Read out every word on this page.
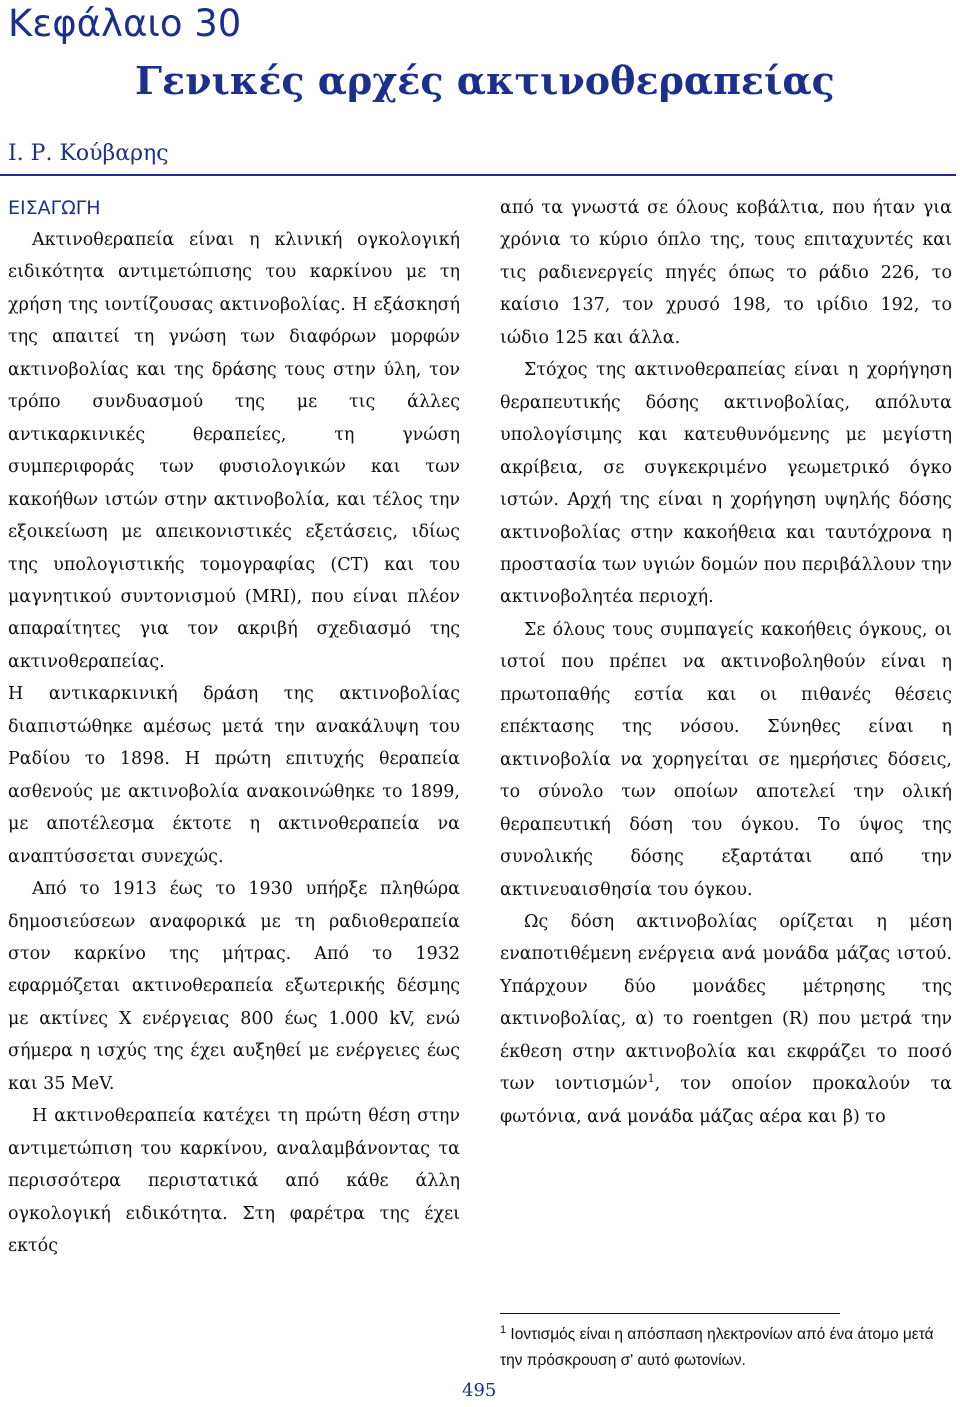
Κεφάλαιο 30
Γενικές αρχές ακτινοθεραπείας
Ι. Ρ. Κούβαρης
ΕΙΣΑΓΩΓΗ

Ακτινοθεραπεία είναι η κλινική ογκολογική ειδικότητα αντιμετώπισης του καρκίνου με τη χρήση της ιοντίζουσας ακτινοβολίας. Η εξάσκησή της απαιτεί τη γνώση των διαφόρων μορφών ακτινοβολίας και της δράσης τους στην ύλη, τον τρόπο συνδυασμού της με τις άλλες αντικαρκινικές θεραπείες, τη γνώση συμπεριφοράς των φυσιολογικών και των κακοήθων ιστών στην ακτινοβολία, και τέλος την εξοικείωση με απεικονιστικές εξετάσεις, ιδίως της υπολογιστικής τομογραφίας (CT) και του μαγνητικού συντονισμού (MRI), που είναι πλέον απαραίτητες για τον ακριβή σχεδιασμό της ακτινοθεραπείας.

Η αντικαρκινική δράση της ακτινοβολίας διαπιστώθηκε αμέσως μετά την ανακάλυψη του Ραδίου το 1898. Η πρώτη επιτυχής θεραπεία ασθενούς με ακτινοβολία ανακοινώθηκε το 1899, με αποτέλεσμα έκτοτε η ακτινοθεραπεία να αναπτύσσεται συνεχώς.

Από το 1913 έως το 1930 υπήρξε πληθώρα δημοσιεύσεων αναφορικά με τη ραδιοθεραπεία στον καρκίνο της μήτρας. Από το 1932 εφαρμόζεται ακτινοθεραπεία εξωτερικής δέσμης με ακτίνες X ενέργειας 800 έως 1.000 kV, ενώ σήμερα η ισχύς της έχει αυξηθεί με ενέργειες έως και 35 MeV.

Η ακτινοθεραπεία κατέχει τη πρώτη θέση στην αντιμετώπιση του καρκίνου, αναλαμβάνοντας τα περισσότερα περιστατικά από κάθε άλλη ογκολογική ειδικότητα. Στη φαρέτρα της έχει εκτός

από τα γνωστά σε όλους κοβάλτια, που ήταν για χρόνια το κύριο όπλο της, τους επιταχυντές και τις ραδιενεργείς πηγές όπως το ράδιο 226, το καίσιο 137, τον χρυσό 198, το ιρίδιο 192, το ιώδιο 125 και άλλα.

Στόχος της ακτινοθεραπείας είναι η χορήγηση θεραπευτικής δόσης ακτινοβολίας, απόλυτα υπολογίσιμης και κατευθυνόμενης με μεγίστη ακρίβεια, σε συγκεκριμένο γεωμετρικό όγκο ιστών. Αρχή της είναι η χορήγηση υψηλής δόσης ακτινοβολίας στην κακοήθεια και ταυτόχρονα η προστασία των υγιών δομών που περιβάλλουν την ακτινοβολητέα περιοχή.

Σε όλους τους συμπαγείς κακοήθεις όγκους, οι ιστοί που πρέπει να ακτινοβοληθούν είναι η πρωτοπαθής εστία και οι πιθανές θέσεις επέκτασης της νόσου. Σύνηθες είναι η ακτινοβολία να χορηγείται σε ημερήσιες δόσεις, το σύνολο των οποίων αποτελεί την ολική θεραπευτική δόση του όγκου. Το ύψος της συνολικής δόσης εξαρτάται από την ακτινευαισθησία του όγκου.

Ως δόση ακτινοβολίας ορίζεται η μέση εναποτιθέμενη ενέργεια ανά μονάδα μάζας ιστού. Υπάρχουν δύο μονάδες μέτρησης της ακτινοβολίας, α) το roentgen (R) που μετρά την έκθεση στην ακτινοβολία και εκφράζει το ποσό των ιοντισμών$^1$, τον οποίον προκαλούν τα φωτόνια, ανά μονάδα μάζας αέρα και β) το

$^1$ Ιοντισμός είναι η απόσπαση ηλεκτρονίων από ένα άτομο μετά την πρόσκρουση σ' αυτό φωτονίων.
495
